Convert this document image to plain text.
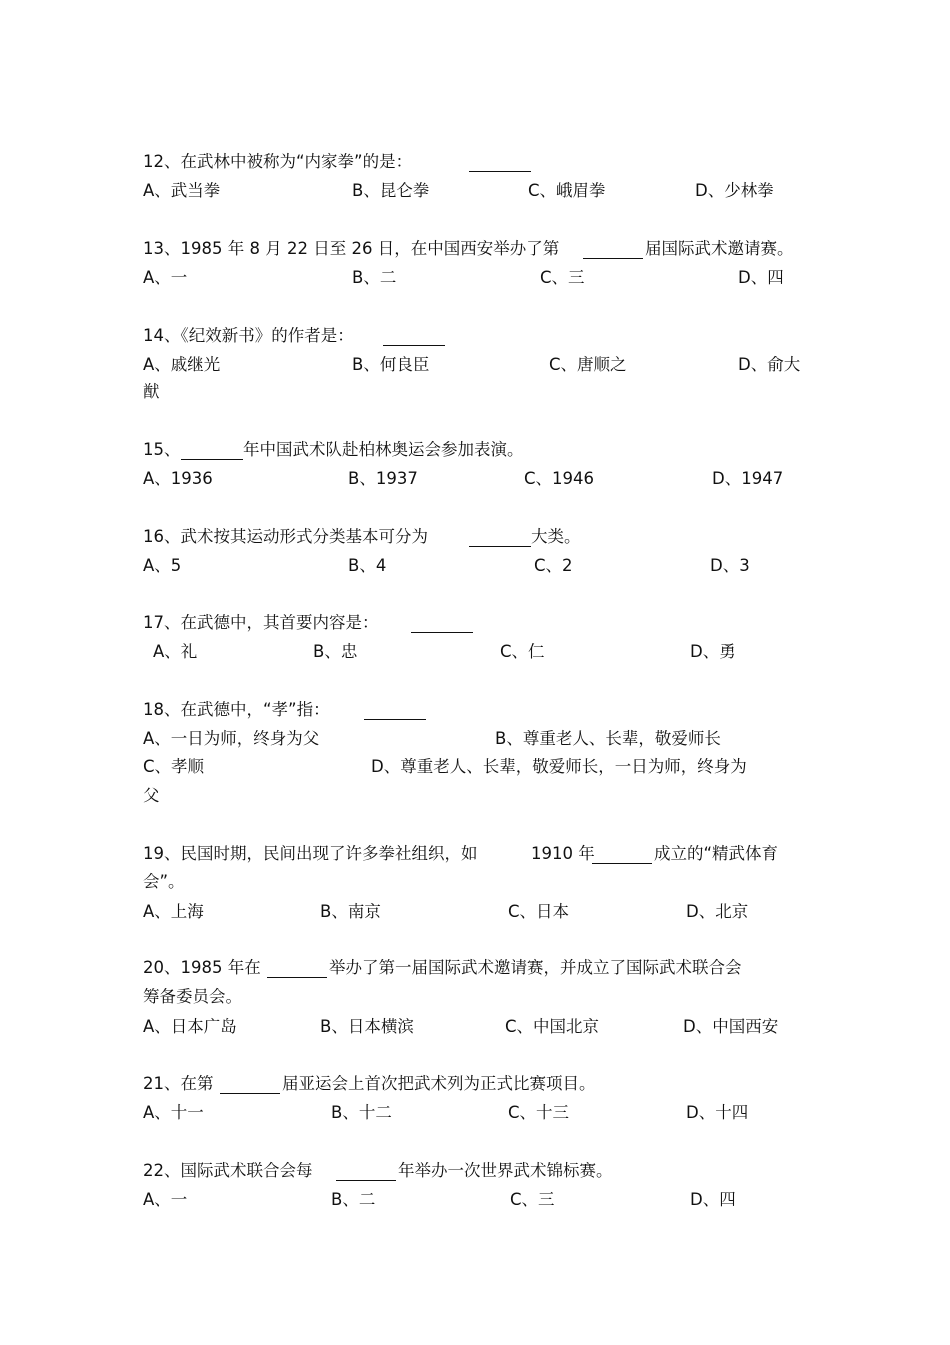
12、在武林中被称为“内家拳”的是：
A、武当拳	B、昆仑拳	C、峨眉拳	D、少林拳
13、1985 年 8 月 22 日至 26 日，在中国西安举办了第	届国际武术邀请赛。
A、一	B、二	C、三	D、四
14、《纪效新书》的作者是：
猷
A、戚继光	B、何良臣	C、唐顺之	D、俞大
15、	年中国武术队赴柏林奥运会参加表演。
A、1936	B、1937	C、1946	D、1947
16、武术按其运动形式分类基本可分为	大类。
A、5	B、4	C、2	D、3
17、在武德中，其首要内容是：
A、礼	B、忠	C、仁	D、勇
18、在武德中，“孝”指：
父
A、一日为师，终身为父	B、尊重老人、长辈，敬爱师长
C、孝顺	D、尊重老人、长辈，敬爱师长，一日为师，终身为
19、民国时期，民间出现了许多拳社组织，如	1910 年	成立的“精武体育
会”。
A、上海	B、南京	C、日本	D、北京
20、1985 年在	举办了第一届国际武术邀请赛，并成立了国际武术联合会
筹备委员会。
A、日本广岛	B、日本横滨	C、中国北京	D、中国西安
21、在第	届亚运会上首次把武术列为正式比赛项目。
A、十一	B、十二	C、十三	D、十四
22、国际武术联合会每	年举办一次世界武术锦标赛。
A、一	B、二	C、三	D、四
